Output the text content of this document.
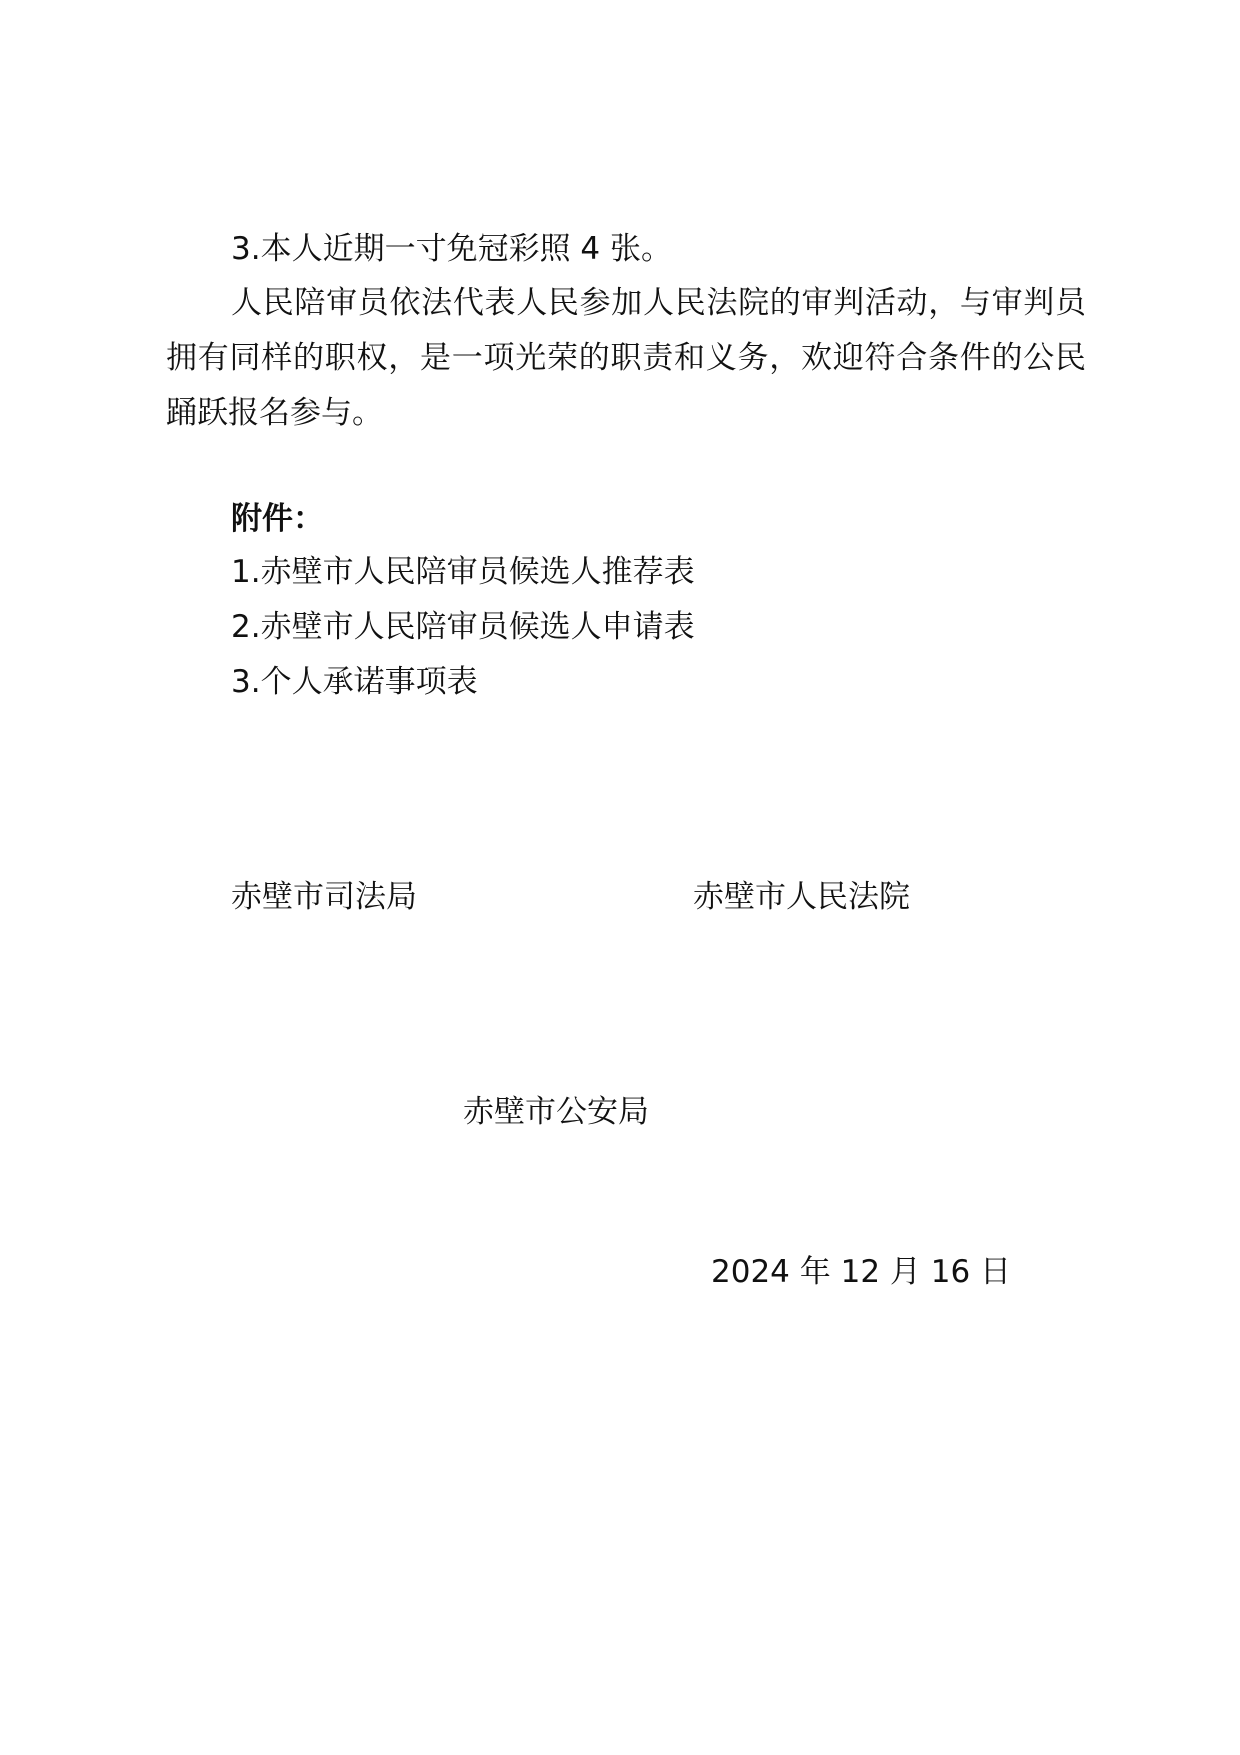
3.本人近期一寸免冠彩照 4 张。
人民陪审员依法代表人民参加人民法院的审判活动，与审判员拥有同样的职权，是一项光荣的职责和义务，欢迎符合条件的公民踊跃报名参与。
附件：
1.赤壁市人民陪审员候选人推荐表
2.赤壁市人民陪审员候选人申请表
3.个人承诺事项表
赤壁市司法局	赤壁市人民法院
赤壁市公安局
2024 年 12 月 16 日
